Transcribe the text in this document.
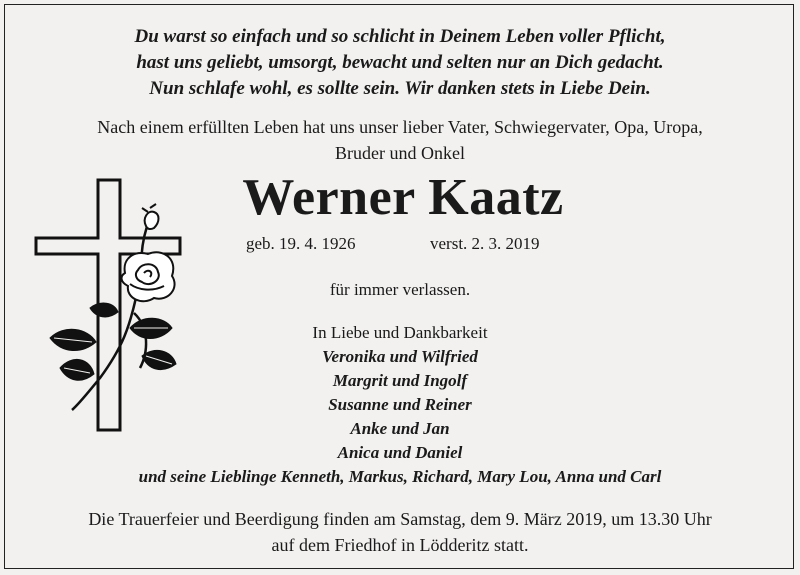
Du warst so einfach und so schlicht in Deinem Leben voller Pflicht,
hast uns geliebt, umsorgt, bewacht und selten nur an Dich gedacht.
Nun schlafe wohl, es sollte sein. Wir danken stets in Liebe Dein.
Nach einem erfüllten Leben hat uns unser lieber Vater, Schwiegervater, Opa, Uropa,
Bruder und Onkel
Werner Kaatz
geb. 19. 4. 1926	verst. 2. 3. 2019
für immer verlassen.
In Liebe und Dankbarkeit
Veronika und Wilfried
Margrit und Ingolf
Susanne und Reiner
Anke und Jan
Anica und Daniel
und seine Lieblinge Kenneth, Markus, Richard, Mary Lou, Anna und Carl
Die Trauerfeier und Beerdigung finden am Samstag, dem 9. März 2019, um 13.30 Uhr
auf dem Friedhof in Lödderitz statt.
